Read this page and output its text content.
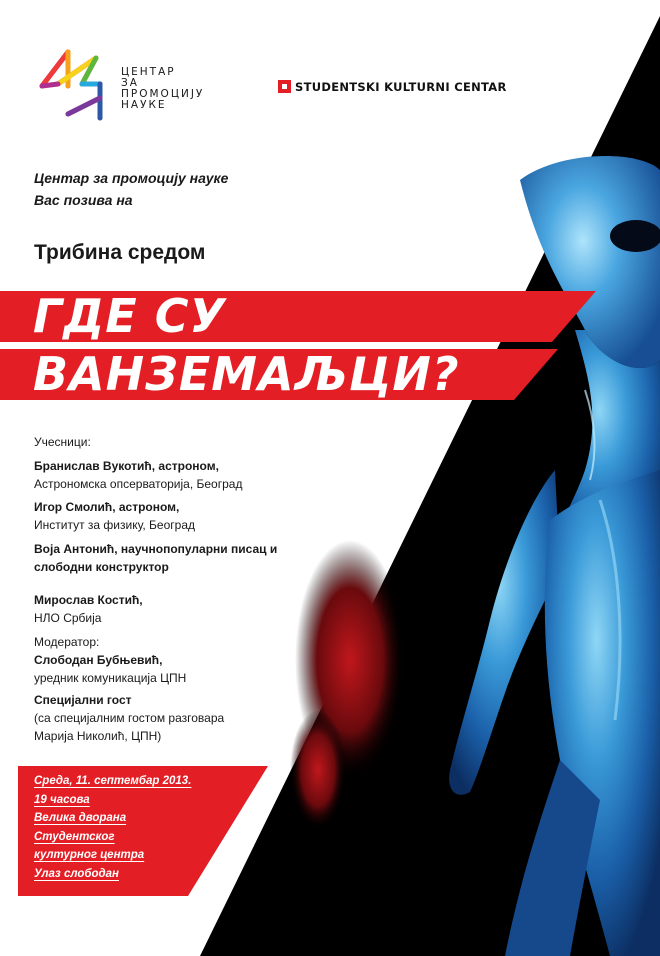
ЦЕНТАР
ЗА
ПРОМОЦИЈУ
НАУКЕ
STUDENTSKI KULTURNI CENTAR
Центар за промоцију науке
Вас позива на
Трибина средом
ГДЕ СУ
ВАНЗЕМАЉЦИ?
Учесници:
Бранислав Вукотић, астроном,
Астрономска опсерваторија, Београд
Игор Смолић, астроном,
Институт за физику, Београд
Воја Антонић, научнопопуларни писац и
слободни конструктор
Мирослав Костић,
НЛО Србија
Модератор:
Слободан Бубњевић,
уредник комуникација ЦПН
Специјални гост
(са специјалним гостом разговара
Марија Николић, ЦПН)
Среда, 11. септембар 2013.
19 часова
Велика дворана
Студентског
културног центра
Улаз слободан
